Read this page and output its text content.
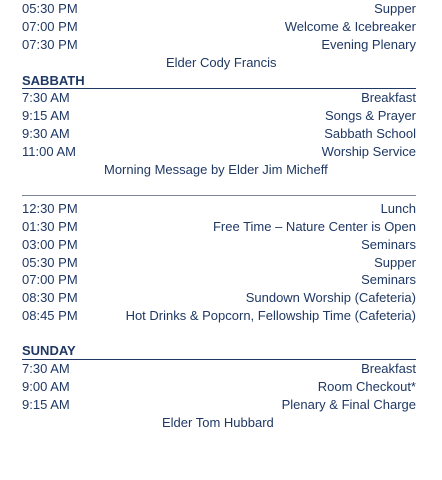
05:30 PM	Supper
07:00 PM	Welcome & Icebreaker
07:30 PM	Evening Plenary
Elder Cody Francis
SABBATH
7:30 AM	Breakfast
9:15 AM	Songs & Prayer
9:30 AM	Sabbath School
11:00 AM	Worship Service
Morning Message by Elder Jim Micheff
12:30 PM	Lunch
01:30 PM	Free Time – Nature Center is Open
03:00 PM	Seminars
05:30 PM	Supper
07:00 PM	Seminars
08:30 PM	Sundown Worship (Cafeteria)
08:45 PM	Hot Drinks & Popcorn, Fellowship Time (Cafeteria)
SUNDAY
7:30 AM	Breakfast
9:00 AM	Room Checkout*
9:15 AM	Plenary & Final Charge
Elder Tom Hubbard
